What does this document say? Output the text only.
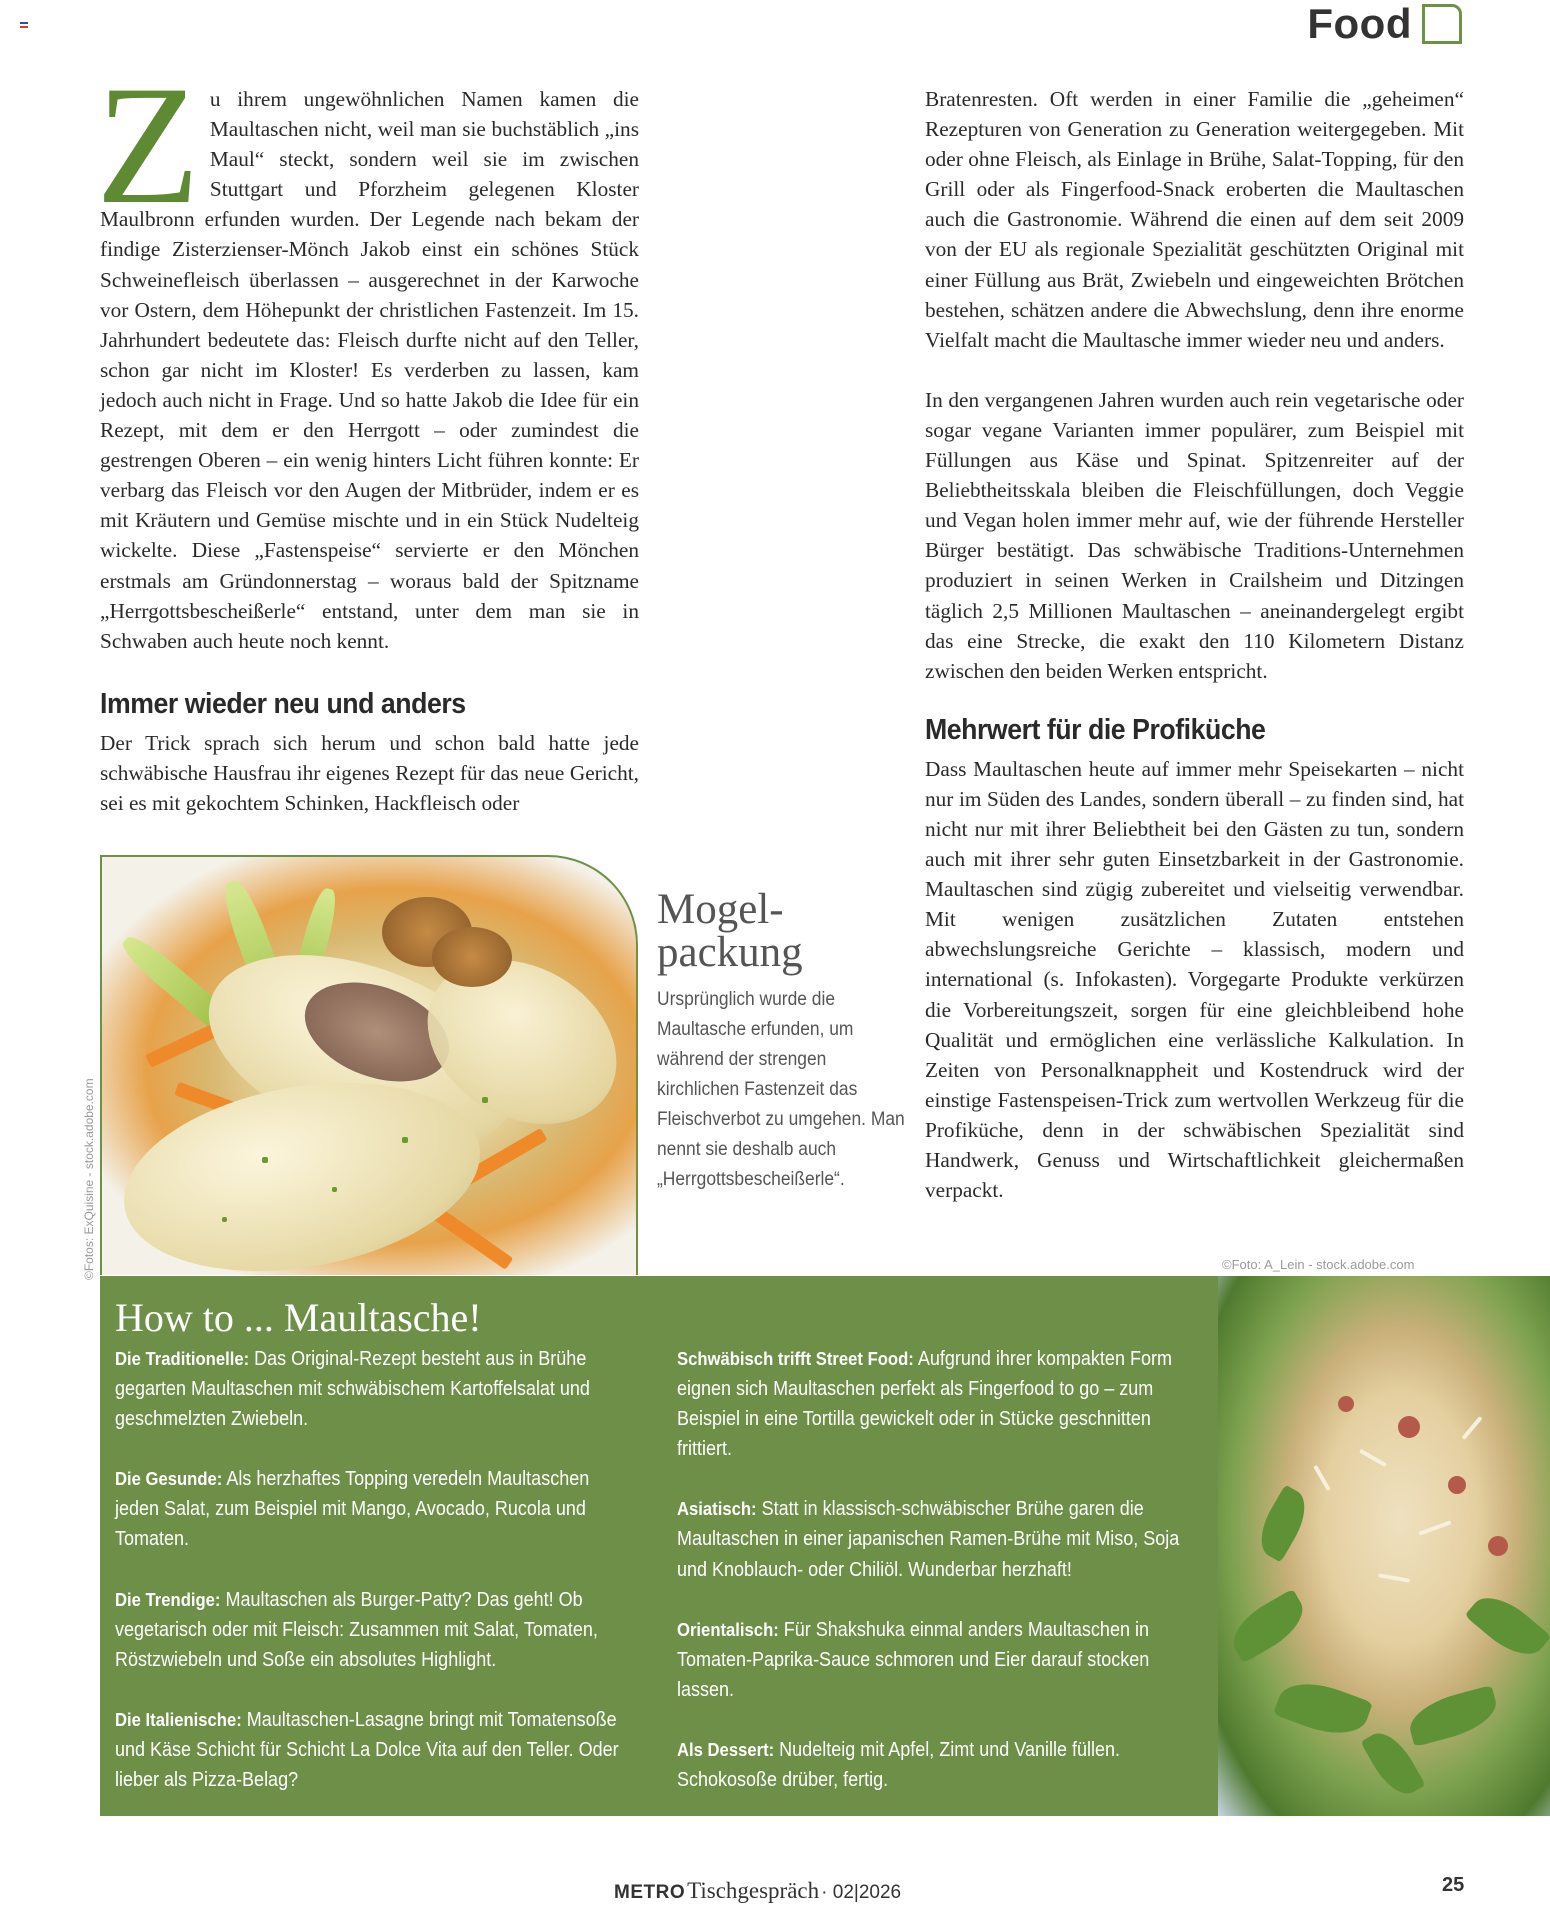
Food

Z u ihrem ungewöhnlichen Namen kamen die Maultaschen nicht, weil man sie buchstäblich „ins Maul“ steckt, sondern weil sie im zwischen Stuttgart und Pforzheim gelegenen Kloster Maulbronn erfunden wurden. Der Legende nach bekam der findige Zisterzienser-Mönch Jakob einst ein schönes Stück Schweinefleisch überlassen – ausgerechnet in der Karwoche vor Ostern, dem Höhepunkt der christlichen Fastenzeit. Im 15. Jahrhundert bedeutete das: Fleisch durfte nicht auf den Teller, schon gar nicht im Kloster! Es verderben zu lassen, kam jedoch auch nicht in Frage. Und so hatte Jakob die Idee für ein Rezept, mit dem er den Herrgott – oder zumindest die gestrengen Oberen – ein wenig hinters Licht führen konnte: Er verbarg das Fleisch vor den Augen der Mitbrüder, indem er es mit Kräutern und Gemüse mischte und in ein Stück Nudelteig wickelte. Diese „Fastenspeise“ servierte er den Mönchen erstmals am Gründonnerstag – woraus bald der Spitzname „Herrgottsbescheißerle“ entstand, unter dem man sie in Schwaben auch heute noch kennt.

Immer wieder neu und anders

Der Trick sprach sich herum und schon bald hatte jede schwäbische Hausfrau ihr eigenes Rezept für das neue Gericht, sei es mit gekochtem Schinken, Hackfleisch oder

Bratenresten. Oft werden in einer Familie die „geheimen“ Rezepturen von Generation zu Generation weitergegeben. Mit oder ohne Fleisch, als Einlage in Brühe, Salat-Topping, für den Grill oder als Fingerfood-Snack eroberten die Maultaschen auch die Gastronomie. Während die einen auf dem seit 2009 von der EU als regionale Spezialität geschützten Original mit einer Füllung aus Brät, Zwiebeln und eingeweichten Brötchen bestehen, schätzen andere die Abwechslung, denn ihre enorme Vielfalt macht die Maultasche immer wieder neu und anders.

In den vergangenen Jahren wurden auch rein vegetarische oder sogar vegane Varianten immer populärer, zum Beispiel mit Füllungen aus Käse und Spinat. Spitzenreiter auf der Beliebtheitsskala bleiben die Fleischfüllungen, doch Veggie und Vegan holen immer mehr auf, wie der führende Hersteller Bürger bestätigt. Das schwäbische Traditions-Unternehmen produziert in seinen Werken in Crailsheim und Ditzingen täglich 2,5 Millionen Maultaschen – aneinandergelegt ergibt das eine Strecke, die exakt den 110 Kilometern Distanz zwischen den beiden Werken entspricht.

Mehrwert für die Profiküche

Dass Maultaschen heute auf immer mehr Speisekarten – nicht nur im Süden des Landes, sondern überall – zu finden sind, hat nicht nur mit ihrer Beliebtheit bei den Gästen zu tun, sondern auch mit ihrer sehr guten Einsetzbarkeit in der Gastronomie. Maultaschen sind zügig zubereitet und vielseitig verwendbar. Mit wenigen zusätzlichen Zutaten entstehen abwechslungsreiche Gerichte – klassisch, modern und international (s. Infokasten). Vorgegarte Produkte verkürzen die Vorbereitungszeit, sorgen für eine gleichbleibend hohe Qualität und ermöglichen eine verlässliche Kalkulation. In Zeiten von Personalknappheit und Kostendruck wird der einstige Fastenspeisen-Trick zum wertvollen Werkzeug für die Profiküche, denn in der schwäbischen Spezialität sind Handwerk, Genuss und Wirtschaftlichkeit gleichermaßen verpackt.

©Fotos: ExQuisine - stock.adobe.com
Mogel-
packung
Ursprünglich wurde die Maultasche erfunden, um während der strengen kirchlichen Fastenzeit das Fleischverbot zu umgehen. Man nennt sie deshalb auch „Herrgottsbescheißerle“.
©Foto: A_Lein - stock.adobe.com
How to ... Maultasche!

Die Traditionelle: Das Original-Rezept besteht aus in Brühe gegarten Maultaschen mit schwäbischem Kartoffelsalat und geschmelzten Zwiebeln.

Die Gesunde: Als herzhaftes Topping veredeln Maultaschen jeden Salat, zum Beispiel mit Mango, Avocado, Rucola und Tomaten.

Die Trendige: Maultaschen als Burger-Patty? Das geht! Ob vegetarisch oder mit Fleisch: Zusammen mit Salat, Tomaten, Röstzwiebeln und Soße ein absolutes Highlight.

Die Italienische: Maultaschen-Lasagne bringt mit Tomatensoße und Käse Schicht für Schicht La Dolce Vita auf den Teller. Oder lieber als Pizza-Belag?

Schwäbisch trifft Street Food: Aufgrund ihrer kompakten Form eignen sich Maultaschen perfekt als Fingerfood to go – zum Beispiel in eine Tortilla gewickelt oder in Stücke geschnitten frittiert.

Asiatisch: Statt in klassisch-schwäbischer Brühe garen die Maultaschen in einer japanischen Ramen-Brühe mit Miso, Soja und Knoblauch- oder Chiliöl. Wunderbar herzhaft!

Orientalisch: Für Shakshuka einmal anders Maultaschen in Tomaten-Paprika-Sauce schmoren und Eier darauf stocken lassen.

Als Dessert: Nudelteig mit Apfel, Zimt und Vanille füllen. Schokosoße drüber, fertig.

METRO Tischgespräch · 02|2026	25
